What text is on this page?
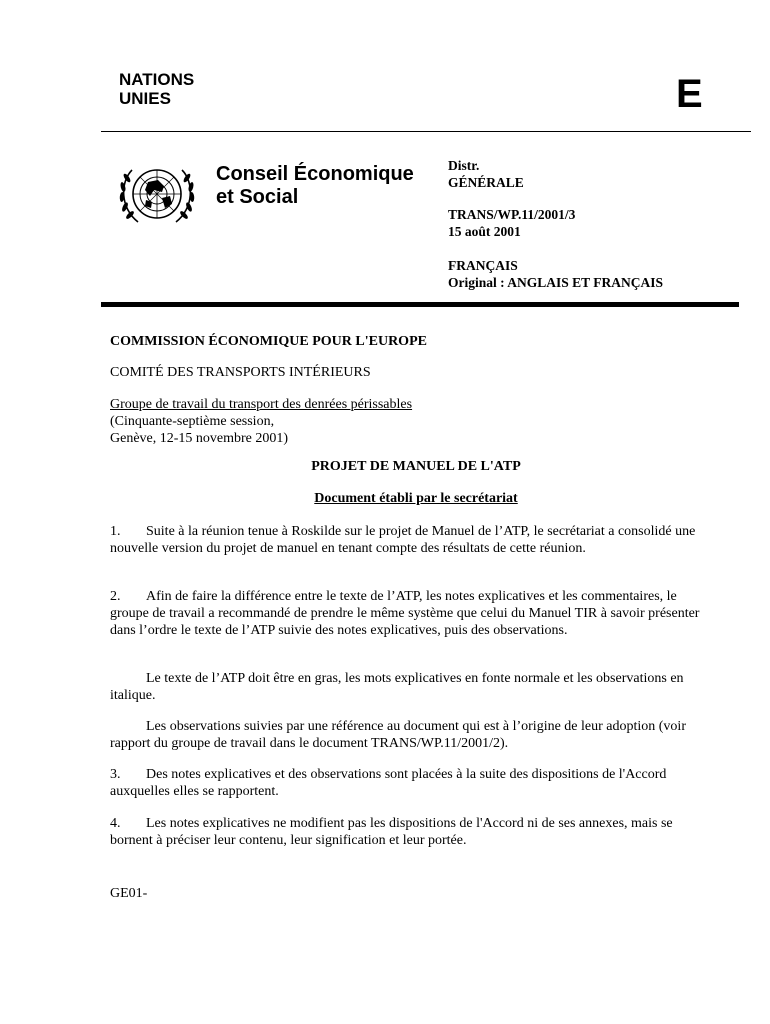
NATIONS
UNIES	E
Conseil Économique
et Social
Distr.
GÉNÉRALE
TRANS/WP.11/2001/3
15 août 2001
FRANÇAIS
Original : ANGLAIS ET FRANÇAIS
COMMISSION ÉCONOMIQUE POUR L'EUROPE
COMITÉ DES TRANSPORTS INTÉRIEURS
Groupe de travail du transport des denrées périssables
(Cinquante-septième session,
Genève, 12-15 novembre 2001)
PROJET DE MANUEL DE L'ATP
Document établi par le secrétariat
1. Suite à la réunion tenue à Roskilde sur le projet de Manuel de l’ATP, le secrétariat a consolidé une nouvelle version du projet de manuel en tenant compte des résultats de cette réunion.
2. Afin de faire la différence entre le texte de l’ATP, les notes explicatives et les commentaires, le groupe de travail a recommandé de prendre le même système que celui du Manuel TIR à savoir présenter dans l’ordre le texte de l’ATP suivie des notes explicatives, puis des observations.
Le texte de l’ATP doit être en gras, les mots explicatives en fonte normale et les observations en italique.
Les observations suivies par une référence au document qui est à l’origine de leur adoption (voir rapport du groupe de travail dans le document TRANS/WP.11/2001/2).
3. Des notes explicatives et des observations sont placées à la suite des dispositions de l'Accord auxquelles elles se rapportent.
4. Les notes explicatives ne modifient pas les dispositions de l'Accord ni de ses annexes, mais se bornent à préciser leur contenu, leur signification et leur portée.
GE01-
